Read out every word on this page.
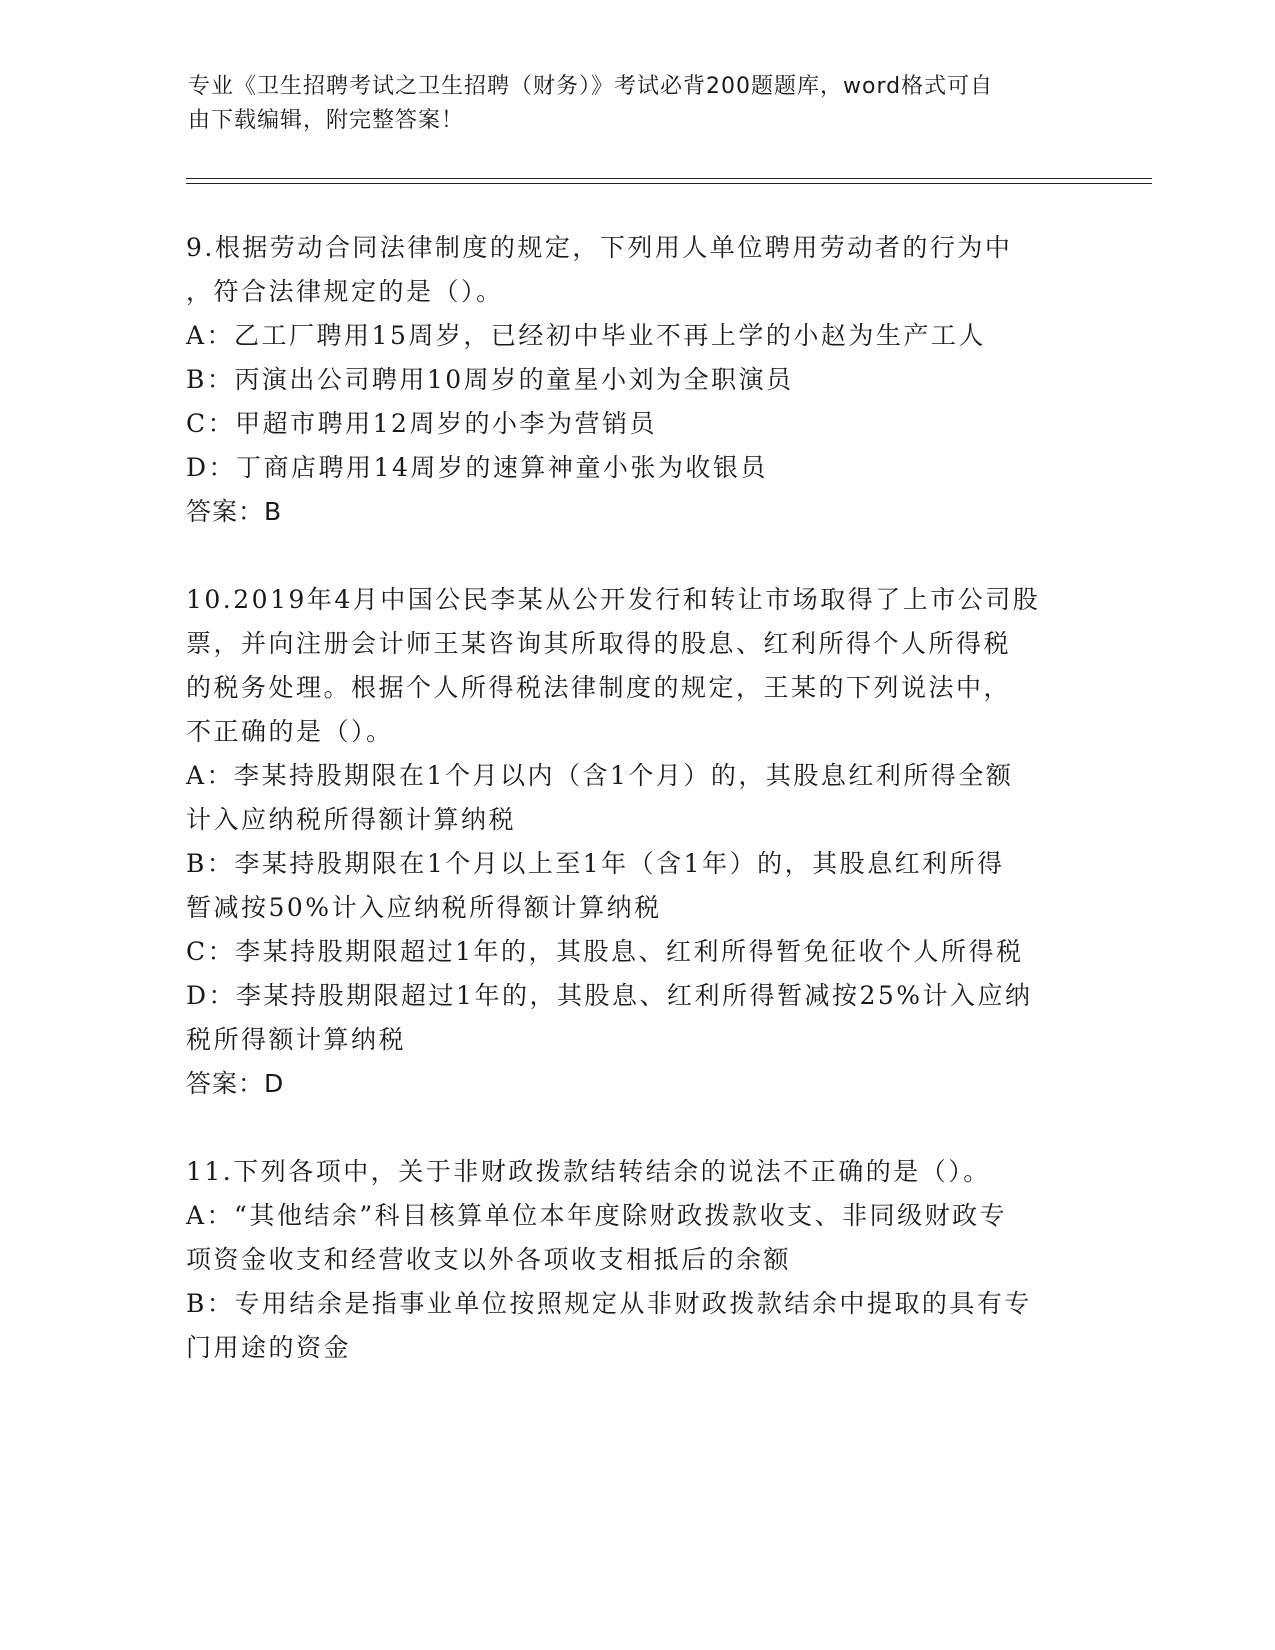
专业《卫生招聘考试之卫生招聘（财务）》考试必背200题题库，word格式可自
由下载编辑，附完整答案！
9.根据劳动合同法律制度的规定，下列用人单位聘用劳动者的行为中
，符合法律规定的是（）。
A：乙工厂聘用15周岁，已经初中毕业不再上学的小赵为生产工人
B：丙演出公司聘用10周岁的童星小刘为全职演员
C：甲超市聘用12周岁的小李为营销员
D：丁商店聘用14周岁的速算神童小张为收银员
答案：B
10.2019年4月中国公民李某从公开发行和转让市场取得了上市公司股
票，并向注册会计师王某咨询其所取得的股息、红利所得个人所得税
的税务处理。根据个人所得税法律制度的规定，王某的下列说法中，
不正确的是（）。
A：李某持股期限在1个月以内（含1个月）的，其股息红利所得全额
计入应纳税所得额计算纳税
B：李某持股期限在1个月以上至1年（含1年）的，其股息红利所得
暂减按50%计入应纳税所得额计算纳税
C：李某持股期限超过1年的，其股息、红利所得暂免征收个人所得税
D：李某持股期限超过1年的，其股息、红利所得暂减按25%计入应纳
税所得额计算纳税
答案：D
11.下列各项中，关于非财政拨款结转结余的说法不正确的是（）。
A：“其他结余”科目核算单位本年度除财政拨款收支、非同级财政专
项资金收支和经营收支以外各项收支相抵后的余额
B：专用结余是指事业单位按照规定从非财政拨款结余中提取的具有专
门用途的资金
